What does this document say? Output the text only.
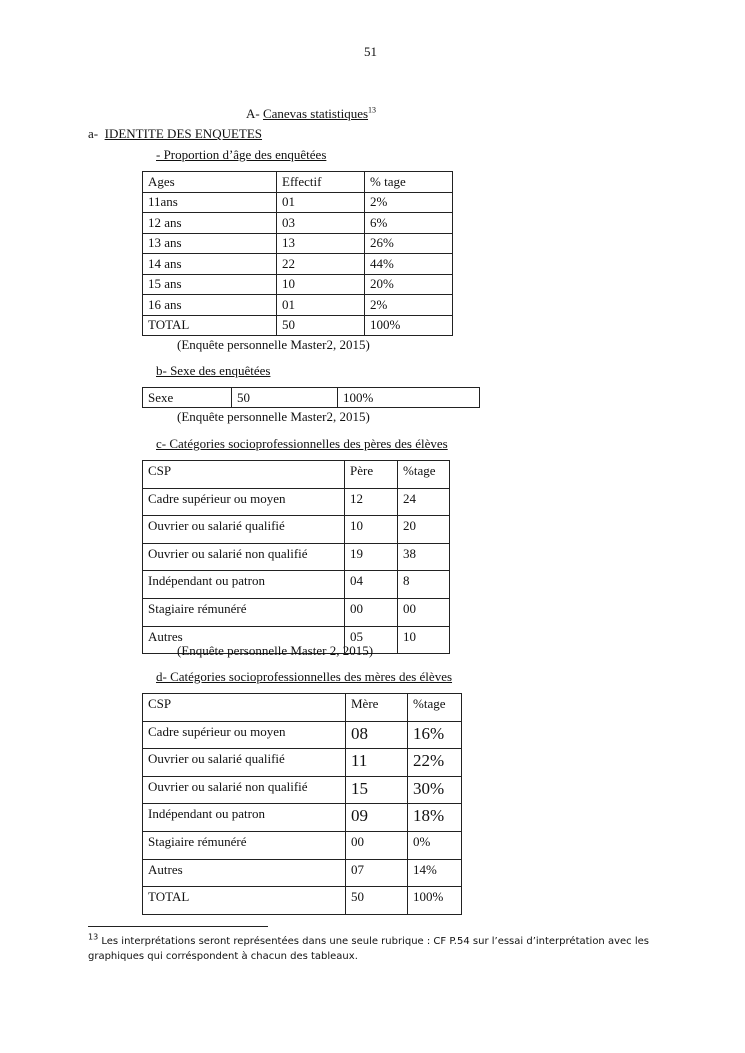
51
A- Canevas statistiques$^{13}$
a- IDENTITE DES ENQUETES
- Proportion d’âge des enquêtées
Ages	Effectif	% tage
11ans	01	2%
12 ans	03	6%
13 ans	13	26%
14 ans	22	44%
15 ans	10	20%
16 ans	01	2%
TOTAL	50	100%
(Enquête personnelle Master2, 2015)
b- Sexe des enquêtées
Sexe	50	100%
(Enquête personnelle Master2, 2015)
c- Catégories socioprofessionnelles des pères des élèves
CSP	Père	%tage
Cadre supérieur ou moyen	12	24
Ouvrier ou salarié qualifié	10	20
Ouvrier ou salarié non qualifié	19	38
Indépendant ou patron	04	8
Stagiaire rémunéré	00	00
Autres	05	10
(Enquête personnelle Master 2, 2015)
d- Catégories socioprofessionnelles des mères des élèves
CSP	Mère	%tage
Cadre supérieur ou moyen	08	16%
Ouvrier ou salarié qualifié	11	22%
Ouvrier ou salarié non qualifié	15	30%
Indépendant ou patron	09	18%
Stagiaire rémunéré	00	0%
Autres	07	14%
TOTAL	50	100%
$^{13}$ Les interprétations seront représentées dans une seule rubrique : CF P.54 sur l’essai d’interprétation avec les
graphiques qui corréspondent à chacun des tableaux.
